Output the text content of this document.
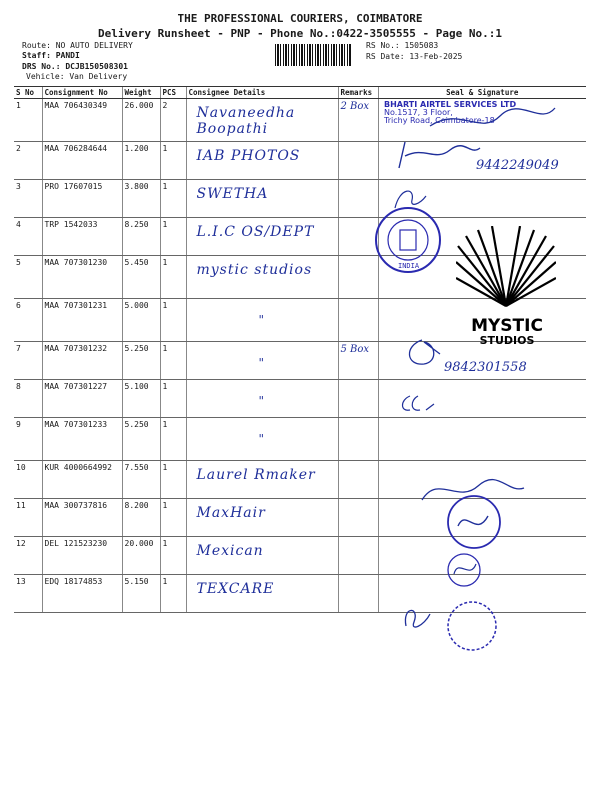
THE PROFESSIONAL COURIERS, COIMBATORE
Delivery Runsheet - PNP - Phone No.:0422-3505555 - Page No.:1
Route: NO AUTO DELIVERY
Staff: PANDI
DRS No.: DCJB150508301
Vehicle: Van Delivery
RS No.: 1505083
RS Date: 13-Feb-2025
S No	Consignment No	Weight	PCS	Consignee Details	Remarks	Seal & Signature
1	MAA 706430349	26.000	2	Navaneedha Boopathi	2 Box	
2	MAA 706284644	1.200	1	IAB PHOTOS		

3	PRO 17607015	3.800	1	SWETHA		

4	TRP 1542033	8.250	1	L.I.C OS/DEPT		

5	MAA 707301230	5.450	1	mystic studios		

6	MAA 707301231	5.000	1	"		

7	MAA 707301232	5.250	1	"	5 Box	
8	MAA 707301227	5.100	1	"		

9	MAA 707301233	5.250	1	"		

10	KUR 4000664992	7.550	1	Laurel Rmaker		

11	MAA 300737816	8.200	1	MaxHair		

12	DEL 121523230	20.000	1	Mexican		

13	EDQ 18174853	5.150	1	TEXCARE		

BHARTI AIRTEL SERVICES LTD
No.1517, 3 Floor,
Trichy Road, Coimbatore-18
9442249049
INDIA
MYSTIC
STUDIOS
9842301558
